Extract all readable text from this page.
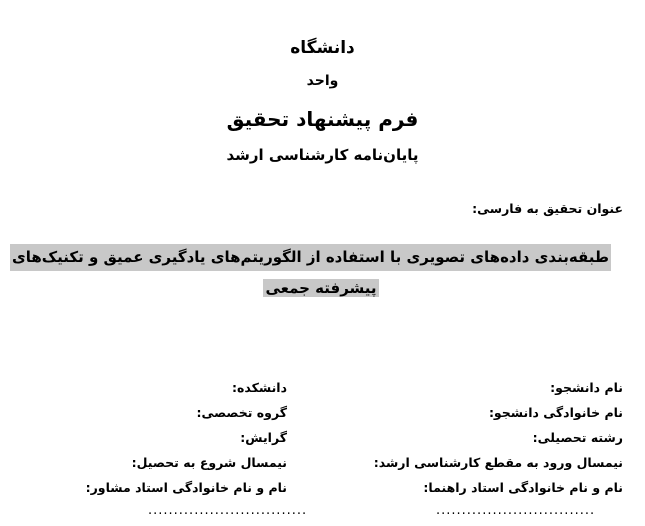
دانشگاه
واحد
فرم پیشنهاد تحقیق
پایان‌نامه کارشناسی ارشد
عنوان تحقیق به فارسی:
طبقه‌بندی داده‌های تصویری با استفاده از الگوریتم‌های یادگیری عمیق و تکنیک‌های
پیشرفته جمعی
نام دانشجو:
نام خانوادگی دانشجو:
رشته تحصیلی:
نیمسال ورود به مقطع کارشناسی ارشد:
نام و نام خانوادگی استاد راهنما:
دانشکده:
گروه تخصصی:
گرایش:
نیمسال شروع به تحصیل:
نام و نام خانوادگی استاد مشاور:
...............................
...............................
